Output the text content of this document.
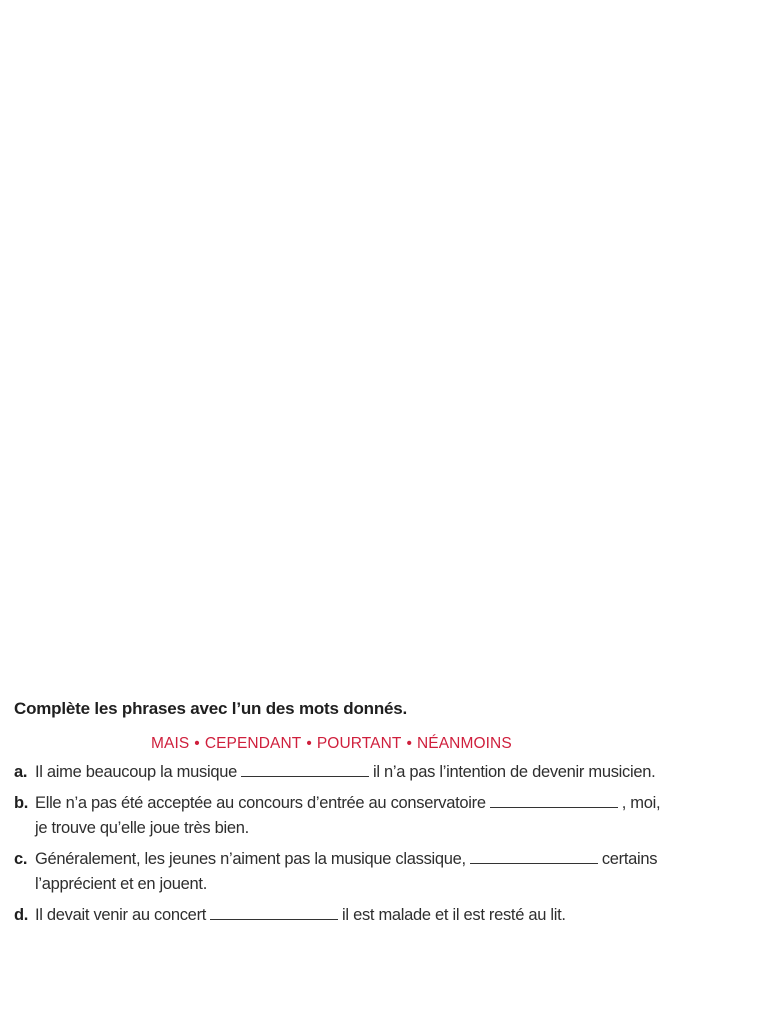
Complète les phrases avec l’un des mots donnés.

MAIS • CEPENDANT • POURTANT • NÉANMOINS
a. Il aime beaucoup la musique	il n’a pas l’intention de devenir musicien.
b. Elle n’a pas été acceptée au concours d’entrée au conservatoire	, moi,
je trouve qu’elle joue très bien.
c. Généralement, les jeunes n’aiment pas la musique classique,	certains
l’apprécient et en jouent.
d. Il devait venir au concert	il est malade et il est resté au lit.
